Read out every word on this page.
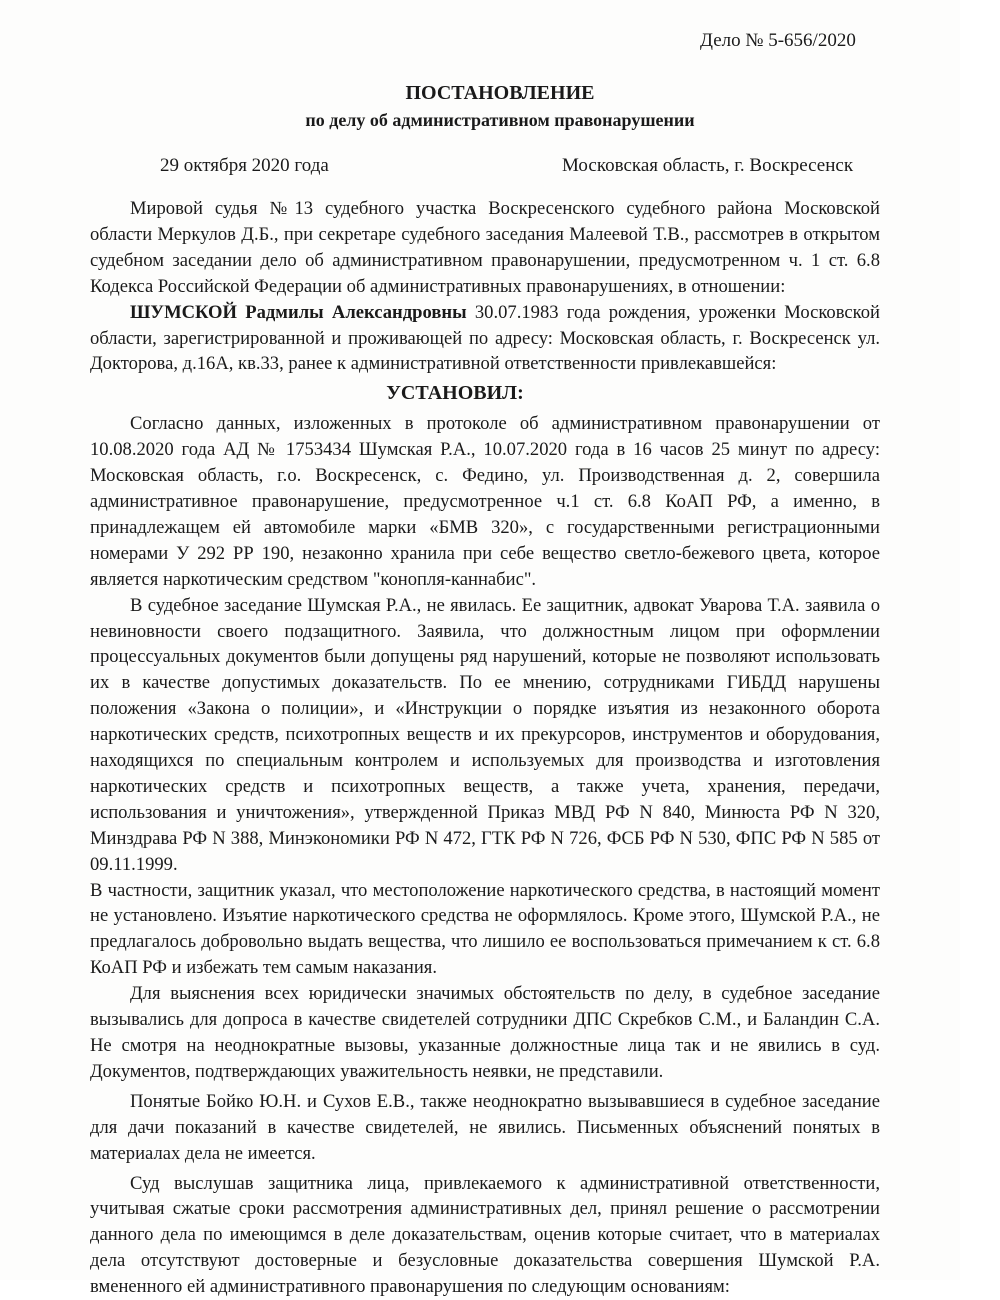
Дело № 5-656/2020
ПОСТАНОВЛЕНИЕ
по делу об административном правонарушении
29 октября 2020 года	Московская область, г. Воскресенск

Мировой судья №13 судебного участка Воскресенского судебного района Московской области Меркулов Д.Б., при секретаре судебного заседания Малеевой Т.В., рассмотрев в открытом судебном заседании дело об административном правонарушении, предусмотренном ч. 1 ст. 6.8 Кодекса Российской Федерации об административных правонарушениях, в отношении:

ШУМСКОЙ Радмилы Александровны 30.07.1983 года рождения, уроженки Московской области, зарегистрированной и проживающей по адресу: Московская область, г. Воскресенск ул. Докторова, д.16А, кв.33, ранее к административной ответственности привлекавшейся:

УСТАНОВИЛ:

Согласно данных, изложенных в протоколе об административном правонарушении от 10.08.2020 года АД № 1753434 Шумская Р.А., 10.07.2020 года в 16 часов 25 минут по адресу: Московская область, г.о. Воскресенск, с. Федино, ул. Производственная д. 2, совершила административное правонарушение, предусмотренное ч.1 ст. 6.8 КоАП РФ, а именно, в принадлежащем ей автомобиле марки «БМВ 320», с государственными регистрационными номерами У 292 РР 190, незаконно хранила при себе вещество светло-бежевого цвета, которое является наркотическим средством "конопля-каннабис".

В судебное заседание Шумская Р.А., не явилась. Ее защитник, адвокат Уварова Т.А. заявила о невиновности своего подзащитного. Заявила, что должностным лицом при оформлении процессуальных документов были допущены ряд нарушений, которые не позволяют использовать их в качестве допустимых доказательств. По ее мнению, сотрудниками ГИБДД нарушены положения «Закона о полиции», и «Инструкции о порядке изъятия из незаконного оборота наркотических средств, психотропных веществ и их прекурсоров, инструментов и оборудования, находящихся по специальным контролем и используемых для производства и изготовления наркотических средств и психотропных веществ, а также учета, хранения, передачи, использования и уничтожения», утвержденной Приказ МВД РФ N 840, Минюста РФ N 320, Минздрава РФ N 388, Минэкономики РФ N 472, ГТК РФ N 726, ФСБ РФ N 530, ФПС РФ N 585 от 09.11.1999.

В частности, защитник указал, что местоположение наркотического средства, в настоящий момент не установлено. Изъятие наркотического средства не оформлялось. Кроме этого, Шумской Р.А., не предлагалось добровольно выдать вещества, что лишило ее воспользоваться примечанием к ст. 6.8 КоАП РФ и избежать тем самым наказания.

Для выяснения всех юридически значимых обстоятельств по делу, в судебное заседание вызывались для допроса в качестве свидетелей сотрудники ДПС Скребков С.М., и Баландин С.А. Не смотря на неоднократные вызовы, указанные должностные лица так и не явились в суд. Документов, подтверждающих уважительность неявки, не представили.

Понятые Бойко Ю.Н. и Сухов Е.В., также неоднократно вызывавшиеся в судебное заседание для дачи показаний в качестве свидетелей, не явились. Письменных объяснений понятых в материалах дела не имеется.

Суд выслушав защитника лица, привлекаемого к административной ответственности, учитывая сжатые сроки рассмотрения административных дел, принял решение о рассмотрении данного дела по имеющимся в деле доказательствам, оценив которые считает, что в материалах дела отсутствуют достоверные и безусловные доказательства совершения Шумской Р.А. вмененного ей административного правонарушения по следующим основаниям:
